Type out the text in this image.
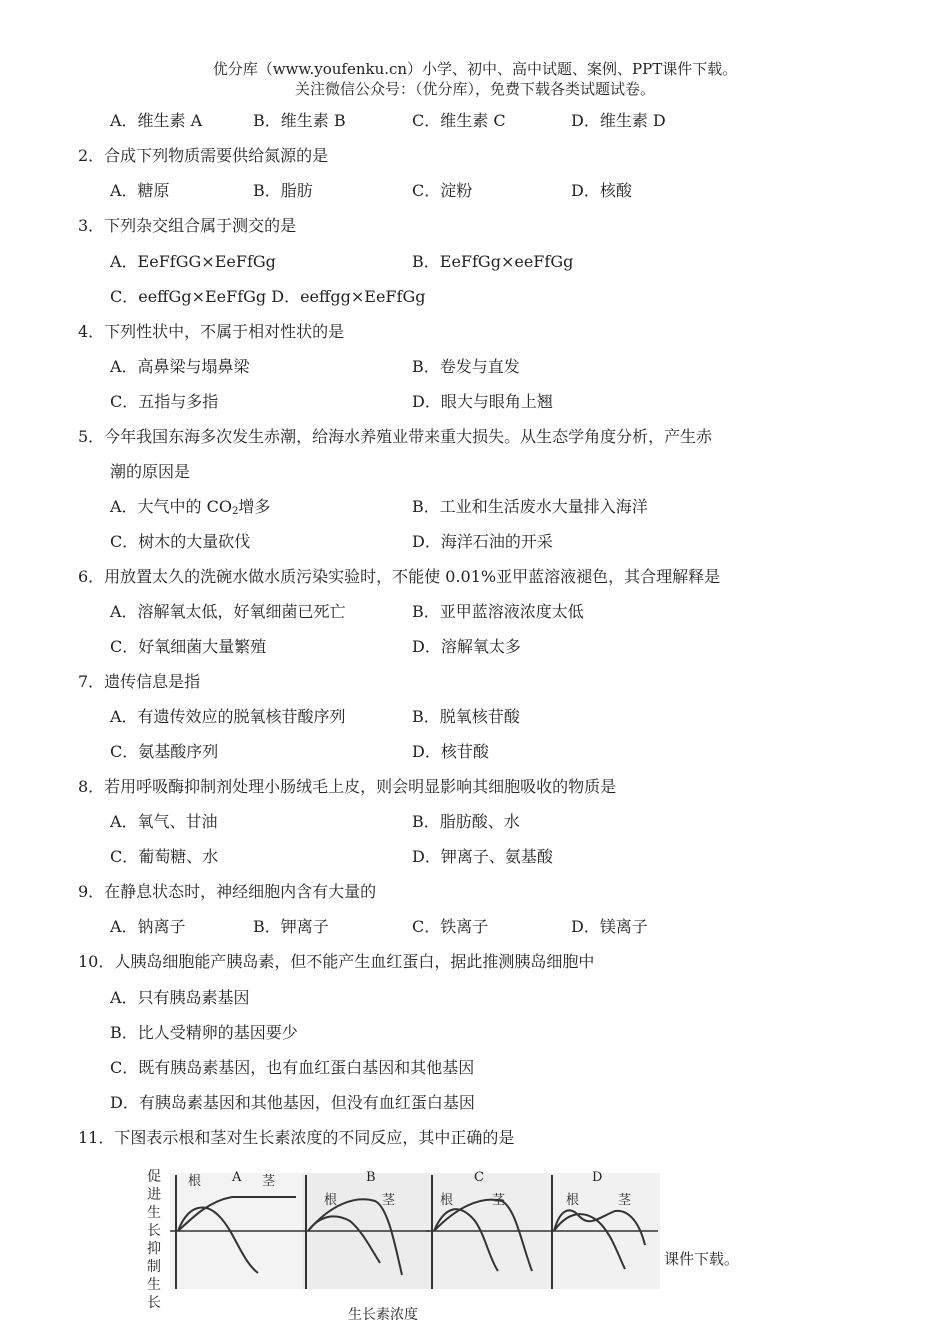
优分库（www.youfenku.cn）小学、初中、高中试题、案例、PPT课件下载。
关注微信公众号：（优分库），免费下载各类试题试卷。
A．维生素 A	B．维生素 B	C．维生素 C	D．维生素 D
2．合成下列物质需要供给氮源的是
A．糖原	B．脂肪	C．淀粉	D．核酸
3．下列杂交组合属于测交的是
A．EeFfGG×EeFfGg	B．EeFfGg×eeFfGg
C．eeffGg×EeFfGg D．eeffgg×EeFfGg
4．下列性状中，不属于相对性状的是
A．高鼻梁与塌鼻梁	B．卷发与直发
C．五指与多指	D．眼大与眼角上翘
5．今年我国东海多次发生赤潮，给海水养殖业带来重大损失。从生态学角度分析，产生赤
潮的原因是
A．大气中的 $CO_2$增多	B．工业和生活废水大量排入海洋
C．树木的大量砍伐	D．海洋石油的开采
6．用放置太久的洗碗水做水质污染实验时，不能使 0.01%亚甲蓝溶液褪色，其合理解释是
A．溶解氧太低，好氧细菌已死亡	B．亚甲蓝溶液浓度太低
C．好氧细菌大量繁殖	D．溶解氧太多
7．遗传信息是指
A．有遗传效应的脱氧核苷酸序列	B．脱氧核苷酸
C．氨基酸序列	D．核苷酸
8．若用呼吸酶抑制剂处理小肠绒毛上皮，则会明显影响其细胞吸收的物质是
A．氧气、甘油	B．脂肪酸、水
C．葡萄糖、水	D．钾离子、氨基酸
9．在静息状态时，神经细胞内含有大量的
A．钠离子	B．钾离子	C．铁离子	D．镁离子
10．人胰岛细胞能产胰岛素，但不能产生血红蛋白，据此推测胰岛细胞中
A．只有胰岛素基因
B．比人受精卵的基因要少
C．既有胰岛素基因，也有血红蛋白基因和其他基因
D．有胰岛素基因和其他基因，但没有血红蛋白基因
11．下图表示根和茎对生长素浓度的不同反应，其中正确的是
促进生长抑制生长
根 A 茎	B
根	茎
C
根	茎
D
根	茎
课件下载。
生长素浓度
